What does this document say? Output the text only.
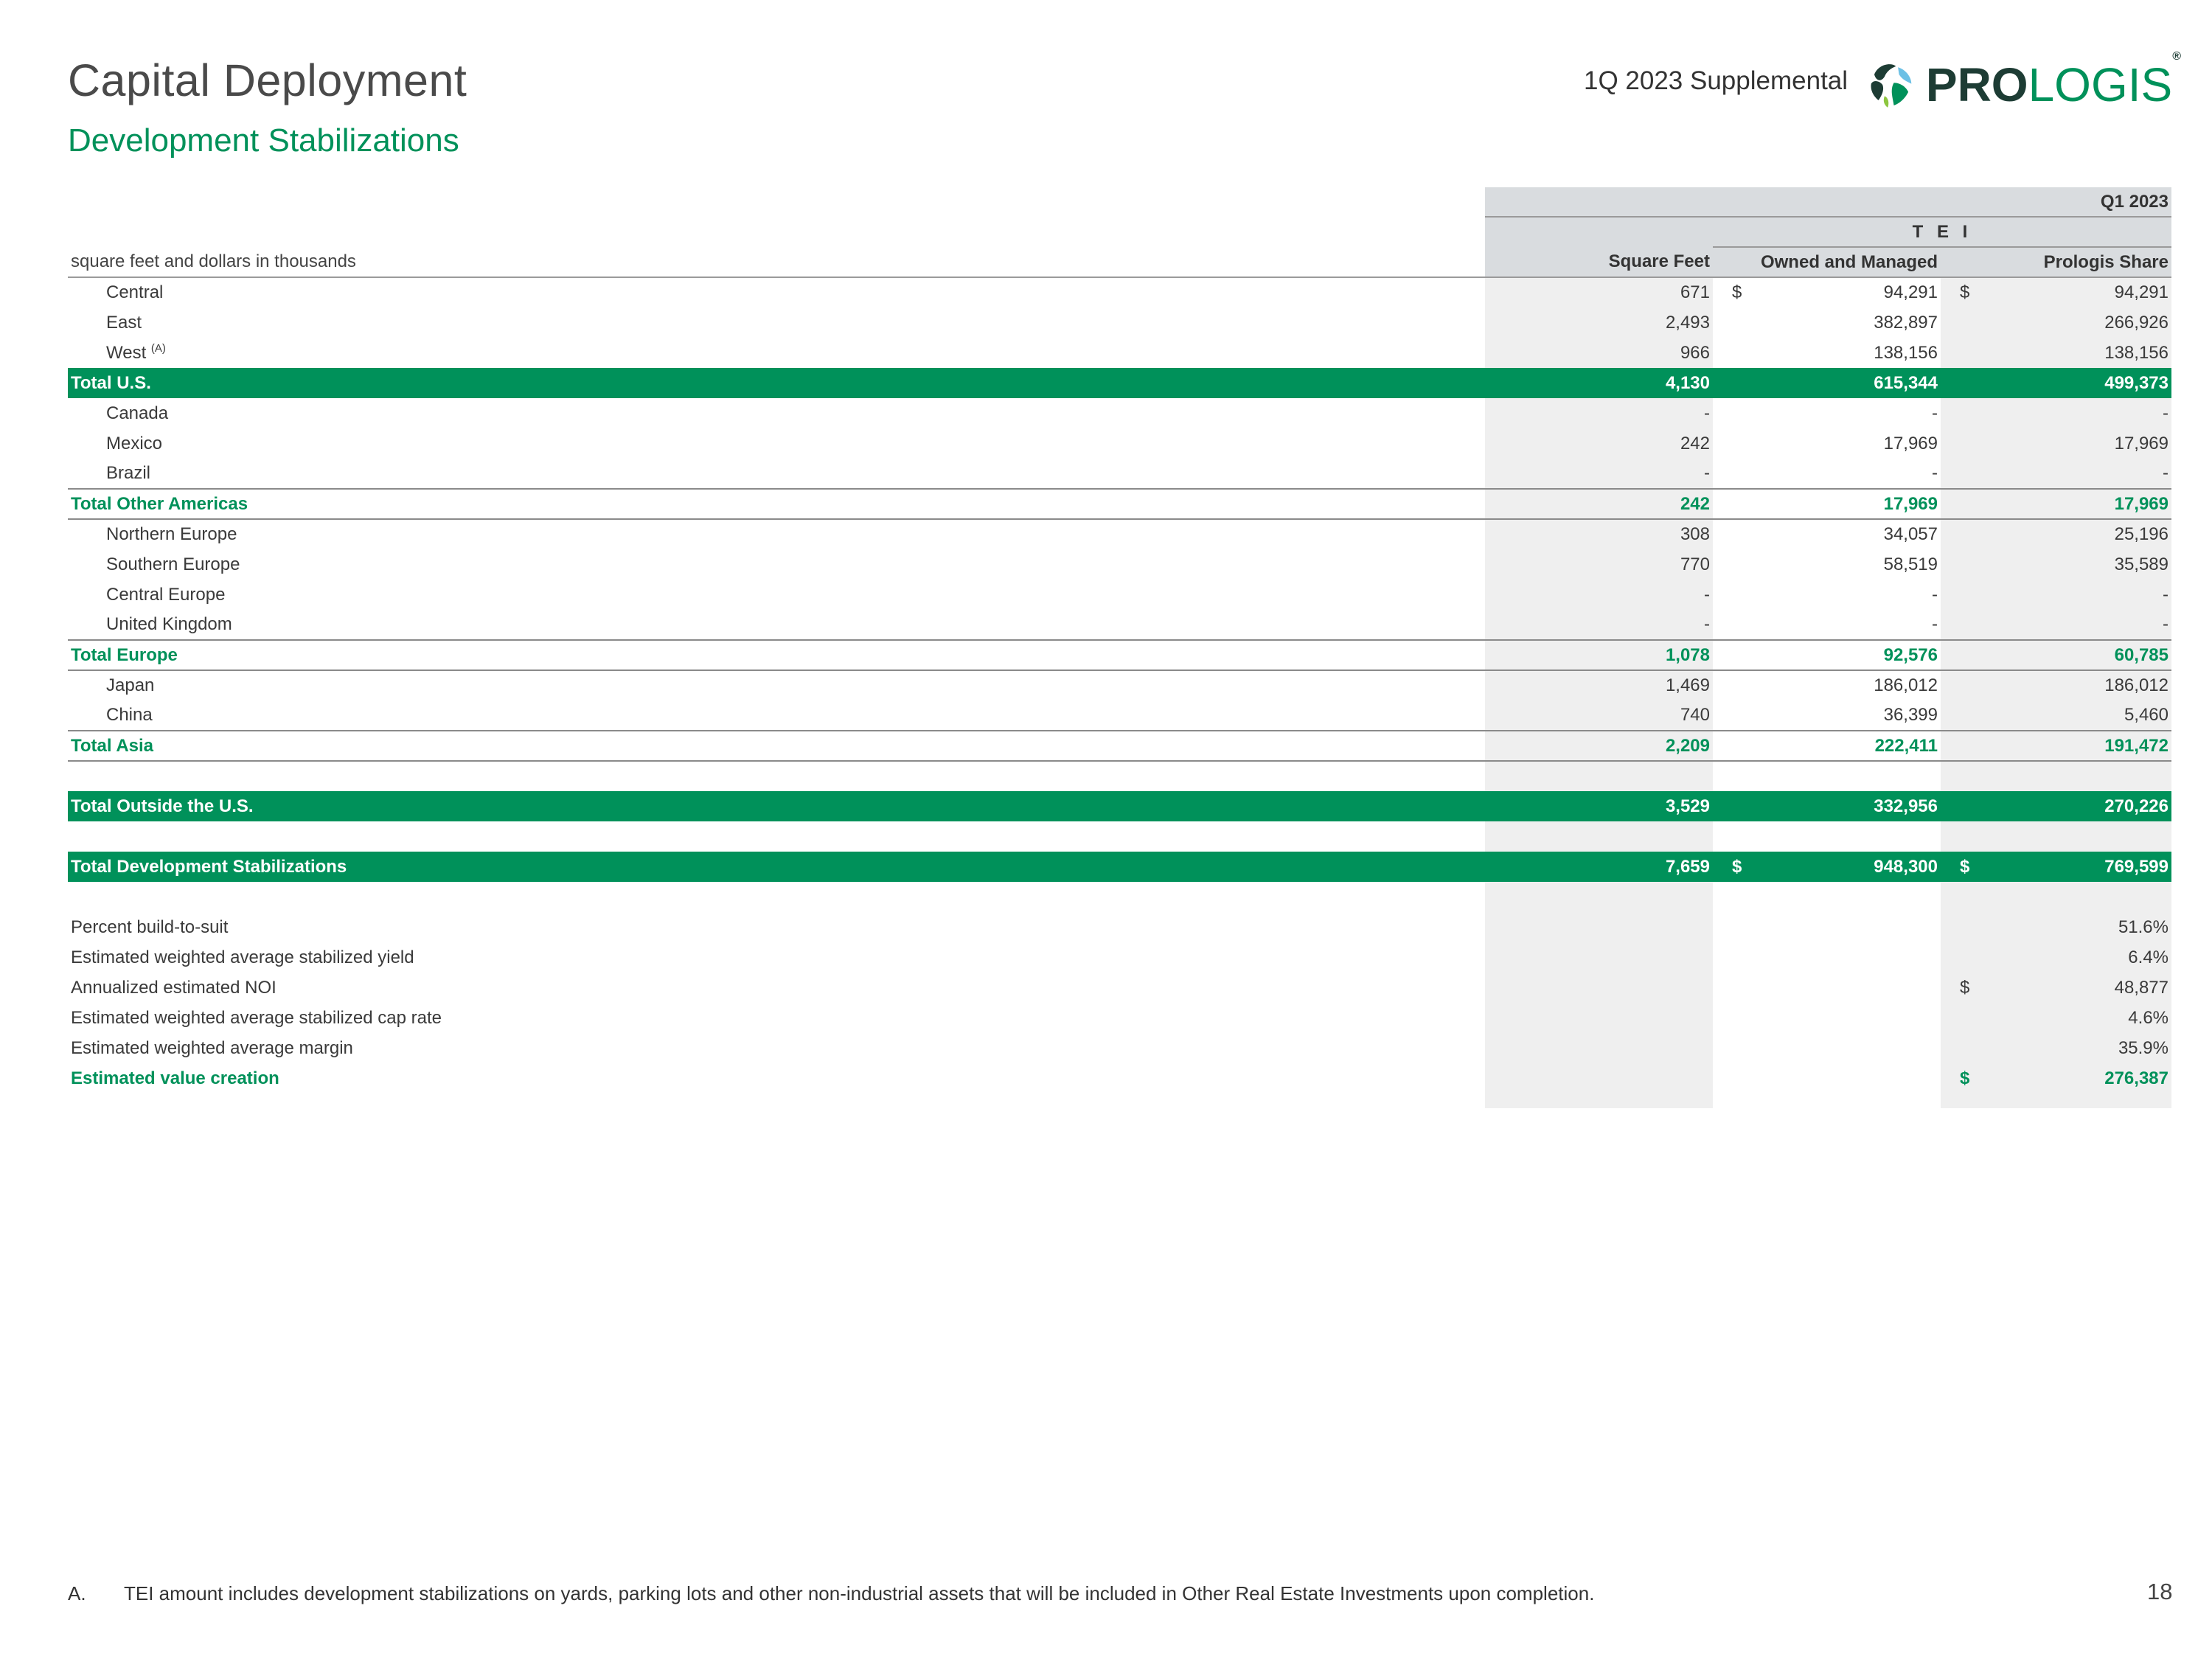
Capital Deployment
Development Stabilizations
1Q 2023 Supplemental PROLOGIS®
	Q1 2023		
		T E I	
square feet and dollars in thousands	Square Feet	Owned and Managed	Prologis Share
Central	671	$ 94,291	$ 94,291

East	2,493	382,897	266,926

West $^{(A)}$	966	138,156	138,156

Total U.S.	4,130	615,344	499,373

Canada	-	-	-

Mexico	242	17,969	17,969

Brazil	-	-	-

Total Other Americas	242	17,969	17,969

Northern Europe	308	34,057	25,196

Southern Europe	770	58,519	35,589

Central Europe	-	-	-

United Kingdom	-	-	-

Total Europe	1,078	92,576	60,785

Japan	1,469	186,012	186,012

China	740	36,399	5,460

Total Asia	2,209	222,411	191,472

Total Outside the U.S.	3,529	332,956	270,226

Total Development Stabilizations	7,659	$ 948,300	$ 769,599

Percent build-to-suit			51.6%

Estimated weighted average stabilized yield			6.4%

Annualized estimated NOI			$ 48,877

Estimated weighted average stabilized cap rate			4.6%

Estimated weighted average margin			35.9%

Estimated value creation			$ 276,387

A. TEI amount includes development stabilizations on yards, parking lots and other non-industrial assets that will be included in Other Real Estate Investments upon completion.	18
